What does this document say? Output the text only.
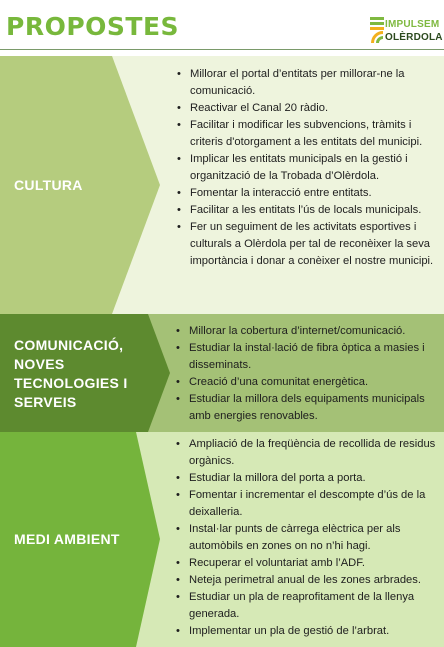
PROPOSTES	IMPULSEM
OLÈRDOLA

CULTURA

• Millorar el portal d’entitats per millorar-ne la comunicació.
• Reactivar el Canal 20 ràdio.
• Facilitar i modificar les subvencions, tràmits i criteris d'otorgament a les entitats del municipi.
• Implicar les entitats municipals en la gestió i organització de la Trobada d’Olèrdola.
• Fomentar la interacció entre entitats.
• Facilitar a les entitats l’ús de locals municipals.
• Fer un seguiment de les activitats esportives i culturals a Olèrdola per tal de reconèixer la seva importància i donar a conèixer el nostre municipi.

COMUNICACIÓ, NOVES TECNOLOGIES I SERVEIS

• Millorar la cobertura d’internet/comunicació.
• Estudiar la instal·lació de fibra òptica a masies i disseminats.
• Creació d’una comunitat energètica.
• Estudiar la millora dels equipaments municipals amb energies renovables.

MEDI AMBIENT

• Ampliació de la freqüència de recollida de residus orgànics.
• Estudiar la millora del porta a porta.
• Fomentar i incrementar el descompte d’ús de la deixalleria.
• Instal·lar punts de càrrega elèctrica per als automòbils en zones on no n’hi hagi.
• Recuperar el voluntariat amb l’ADF.
• Neteja perimetral anual de les zones arbrades.
• Estudiar un pla de reaprofitament de la llenya generada.
• Implementar un pla de gestió de l’arbrat.
